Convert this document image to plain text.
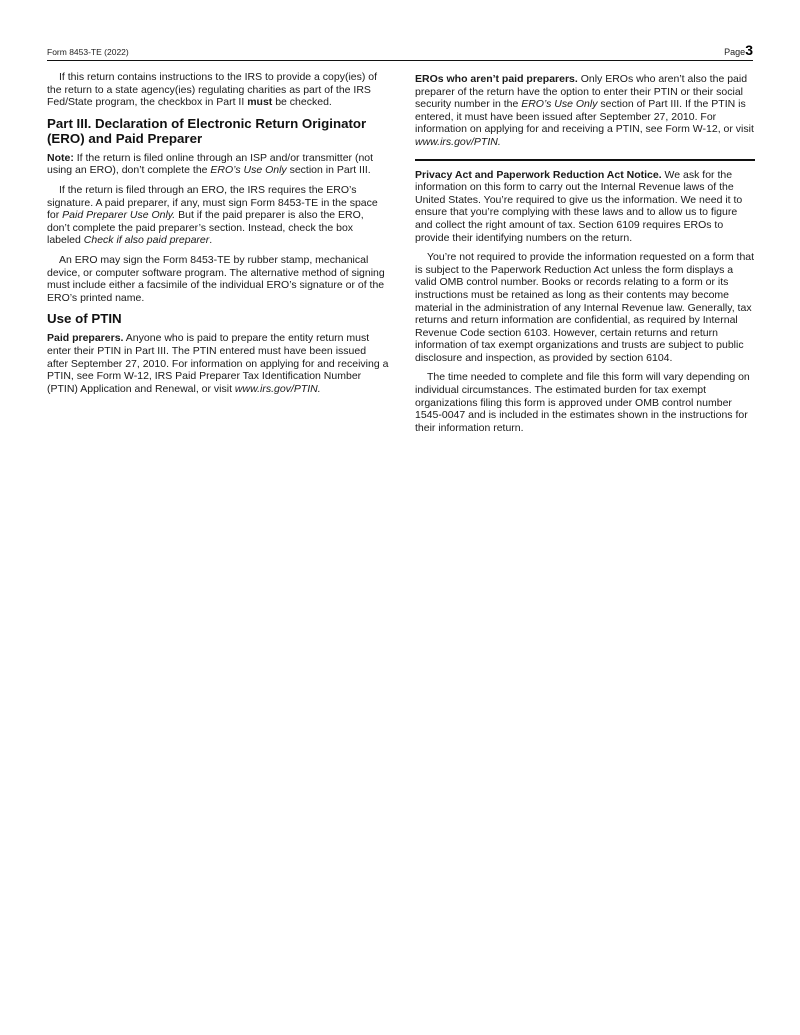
Form 8453-TE (2022)	Page3

If this return contains instructions to the IRS to provide a copy(ies) of the return to a state agency(ies) regulating charities as part of the IRS Fed/State program, the checkbox in Part II must be checked.

Part III. Declaration of Electronic Return Originator (ERO) and Paid Preparer

Note: If the return is filed online through an ISP and/or transmitter (not using an ERO), don’t complete the ERO’s Use Only section in Part III.

If the return is filed through an ERO, the IRS requires the ERO’s signature. A paid preparer, if any, must sign Form 8453-TE in the space for Paid Preparer Use Only. But if the paid preparer is also the ERO, don’t complete the paid preparer’s section. Instead, check the box labeled Check if also paid preparer.

An ERO may sign the Form 8453-TE by rubber stamp, mechanical device, or computer software program. The alternative method of signing must include either a facsimile of the individual ERO’s signature or of the ERO’s printed name.

Use of PTIN

Paid preparers. Anyone who is paid to prepare the entity return must enter their PTIN in Part III. The PTIN entered must have been issued after September 27, 2010. For information on applying for and receiving a PTIN, see Form W-12, IRS Paid Preparer Tax Identification Number (PTIN) Application and Renewal, or visit www.irs.gov/PTIN.

EROs who aren’t paid preparers. Only EROs who aren’t also the paid preparer of the return have the option to enter their PTIN or their social security number in the ERO’s Use Only section of Part III. If the PTIN is entered, it must have been issued after September 27, 2010. For information on applying for and receiving a PTIN, see Form W-12, or visit www.irs.gov/PTIN.

Privacy Act and Paperwork Reduction Act Notice. We ask for the information on this form to carry out the Internal Revenue laws of the United States. You’re required to give us the information. We need it to ensure that you’re complying with these laws and to allow us to figure and collect the right amount of tax. Section 6109 requires EROs to provide their identifying numbers on the return.

You’re not required to provide the information requested on a form that is subject to the Paperwork Reduction Act unless the form displays a valid OMB control number. Books or records relating to a form or its instructions must be retained as long as their contents may become material in the administration of any Internal Revenue law. Generally, tax returns and return information are confidential, as required by Internal Revenue Code section 6103. However, certain returns and return information of tax exempt organizations and trusts are subject to public disclosure and inspection, as provided by section 6104.

The time needed to complete and file this form will vary depending on individual circumstances. The estimated burden for tax exempt organizations filing this form is approved under OMB control number 1545-0047 and is included in the estimates shown in the instructions for their information return.
